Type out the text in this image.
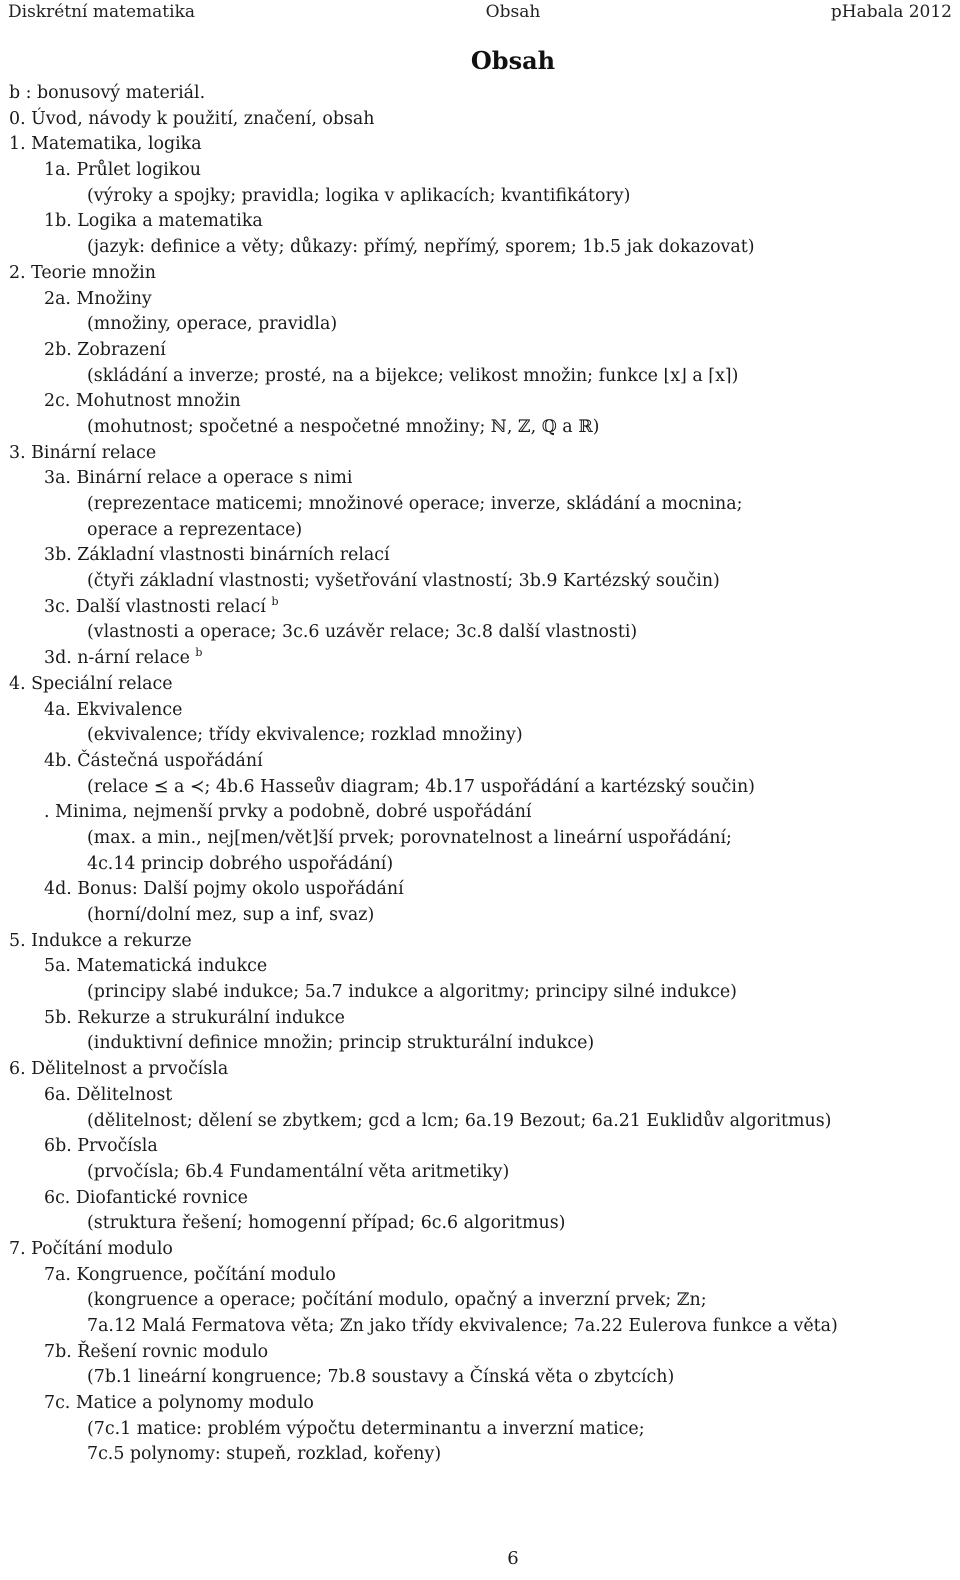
Diskrétní matematika	Obsah	pHabala 2012
Obsah
b : bonusový materiál.
0. Úvod, návody k použití, značení, obsah
1. Matematika, logika
1a. Průlet logikou
(výroky a spojky; pravidla; logika v aplikacích; kvantifikátory)
1b. Logika a matematika
(jazyk: definice a věty; důkazy: přímý, nepřímý, sporem; 1b.5 jak dokazovat)
2. Teorie množin
2a. Množiny
(množiny, operace, pravidla)
2b. Zobrazení
(skládání a inverze; prosté, na a bijekce; velikost množin; funkce ⌊x⌋ a ⌈x⌉)
2c. Mohutnost množin
(mohutnost; spočetné a nespočetné množiny; ℕ, ℤ, ℚ a ℝ)
3. Binární relace
3a. Binární relace a operace s nimi
(reprezentace maticemi; množinové operace; inverze, skládání a mocnina;
operace a reprezentace)
3b. Základní vlastnosti binárních relací
(čtyři základní vlastnosti; vyšetřování vlastností; 3b.9 Kartézský součin)
3c. Další vlastnosti relací $^b$
(vlastnosti a operace; 3c.6 uzávěr relace; 3c.8 další vlastnosti)
3d. n-ární relace $^b$
4. Speciální relace
4a. Ekvivalence
(ekvivalence; třídy ekvivalence; rozklad množiny)
4b. Částečná uspořádání
(relace ⪯ a ≺; 4b.6 Hasseův diagram; 4b.17 uspořádání a kartézský součin)
. Minima, nejmenší prvky a podobně, dobré uspořádání
(max. a min., nej[men/vět]ší prvek; porovnatelnost a lineární uspořádání;
4c.14 princip dobrého uspořádání)
4d. Bonus: Další pojmy okolo uspořádání
(horní/dolní mez, sup a inf, svaz)
5. Indukce a rekurze
5a. Matematická indukce
(principy slabé indukce; 5a.7 indukce a algoritmy; principy silné indukce)
5b. Rekurze a strukurální indukce
(induktivní definice množin; princip strukturální indukce)
6. Dělitelnost a prvočísla
6a. Dělitelnost
(dělitelnost; dělení se zbytkem; gcd a lcm; 6a.19 Bezout; 6a.21 Euklidův algoritmus)
6b. Prvočísla
(prvočísla; 6b.4 Fundamentální věta aritmetiky)
6c. Diofantické rovnice
(struktura řešení; homogenní případ; 6c.6 algoritmus)
7. Počítání modulo
7a. Kongruence, počítání modulo
(kongruence a operace; počítání modulo, opačný a inverzní prvek; ℤn;
7a.12 Malá Fermatova věta; ℤn jako třídy ekvivalence; 7a.22 Eulerova funkce a věta)
7b. Řešení rovnic modulo
(7b.1 lineární kongruence; 7b.8 soustavy a Čínská věta o zbytcích)
7c. Matice a polynomy modulo
(7c.1 matice: problém výpočtu determinantu a inverzní matice;
7c.5 polynomy: stupeň, rozklad, kořeny)
6
